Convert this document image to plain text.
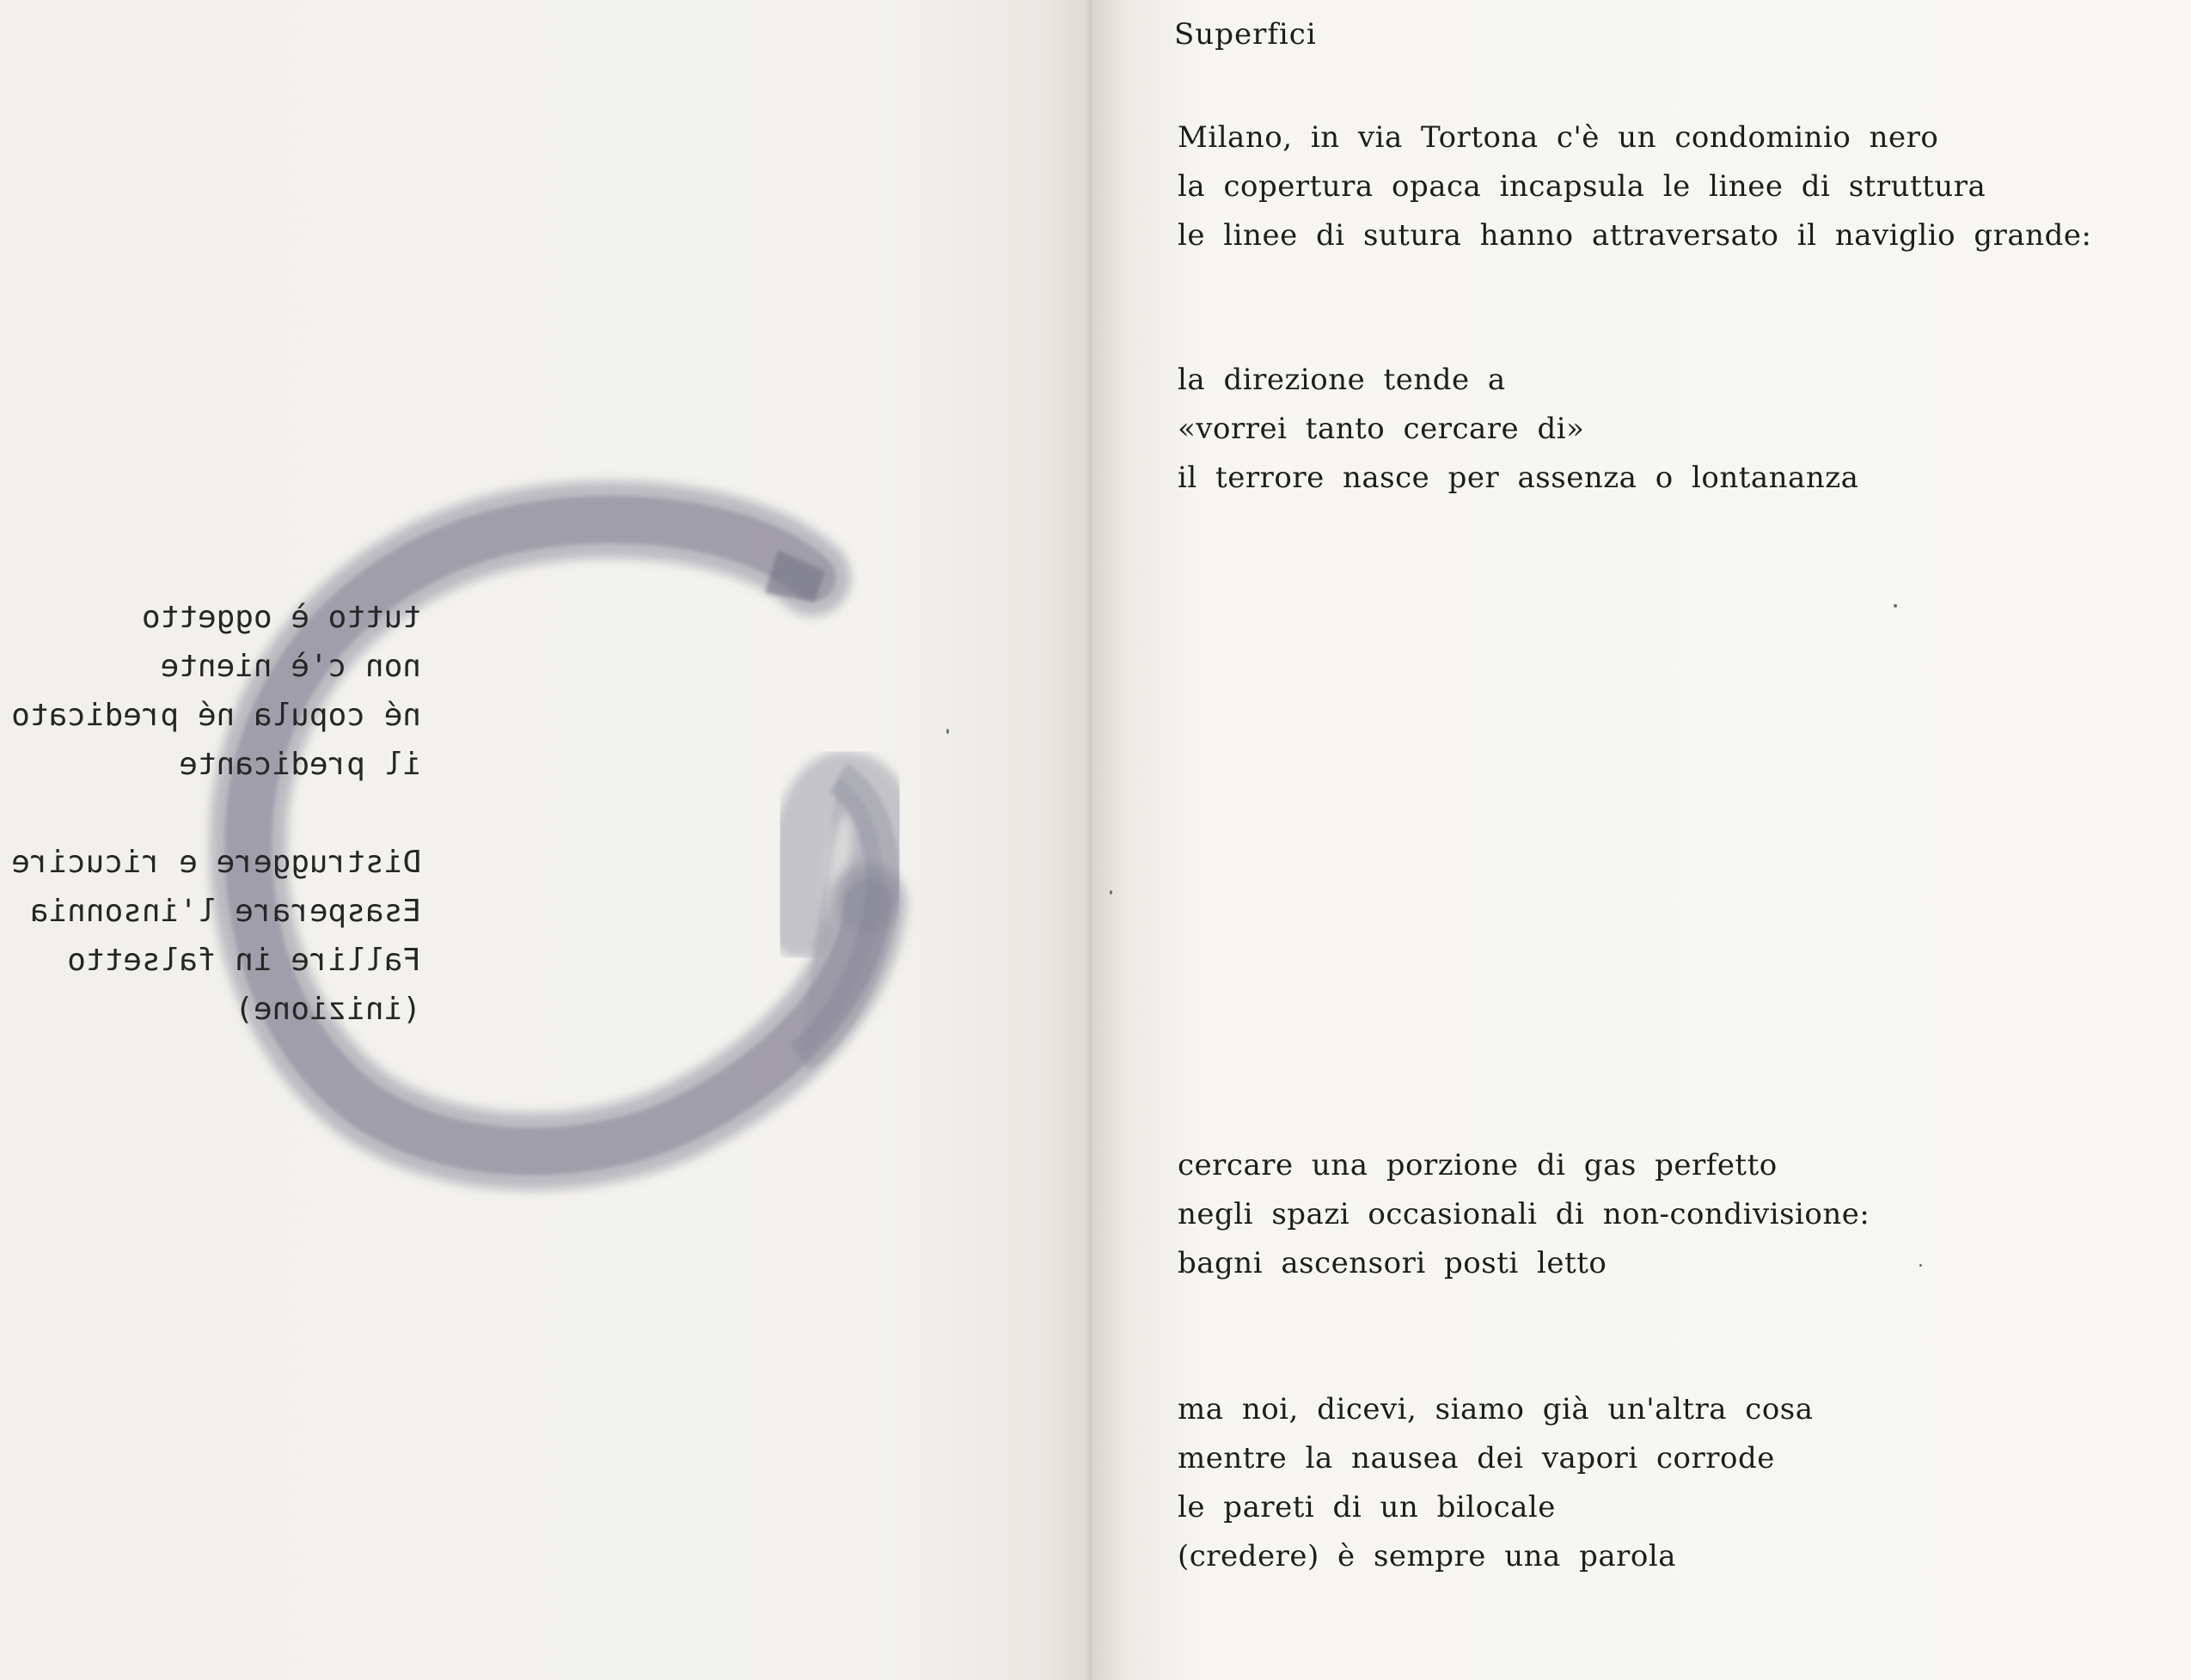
tutto è oggetto
non c'è niente
né copula né predicato
il predicante
Distruggere e ricucire
Esasperare l'insonnia
Fallire in falsetto
(inizione)
Superfici
Milano, in via Tortona c'è un condominio nero
la copertura opaca incapsula le linee di struttura
le linee di sutura hanno attraversato il naviglio grande:
la direzione tende a
«vorrei tanto cercare di»
il terrore nasce per assenza o lontananza
cercare una porzione di gas perfetto
negli spazi occasionali di non-condivisione:
bagni ascensori posti letto
ma noi, dicevi, siamo già un'altra cosa
mentre la nausea dei vapori corrode
le pareti di un bilocale
(credere) è sempre una parola
